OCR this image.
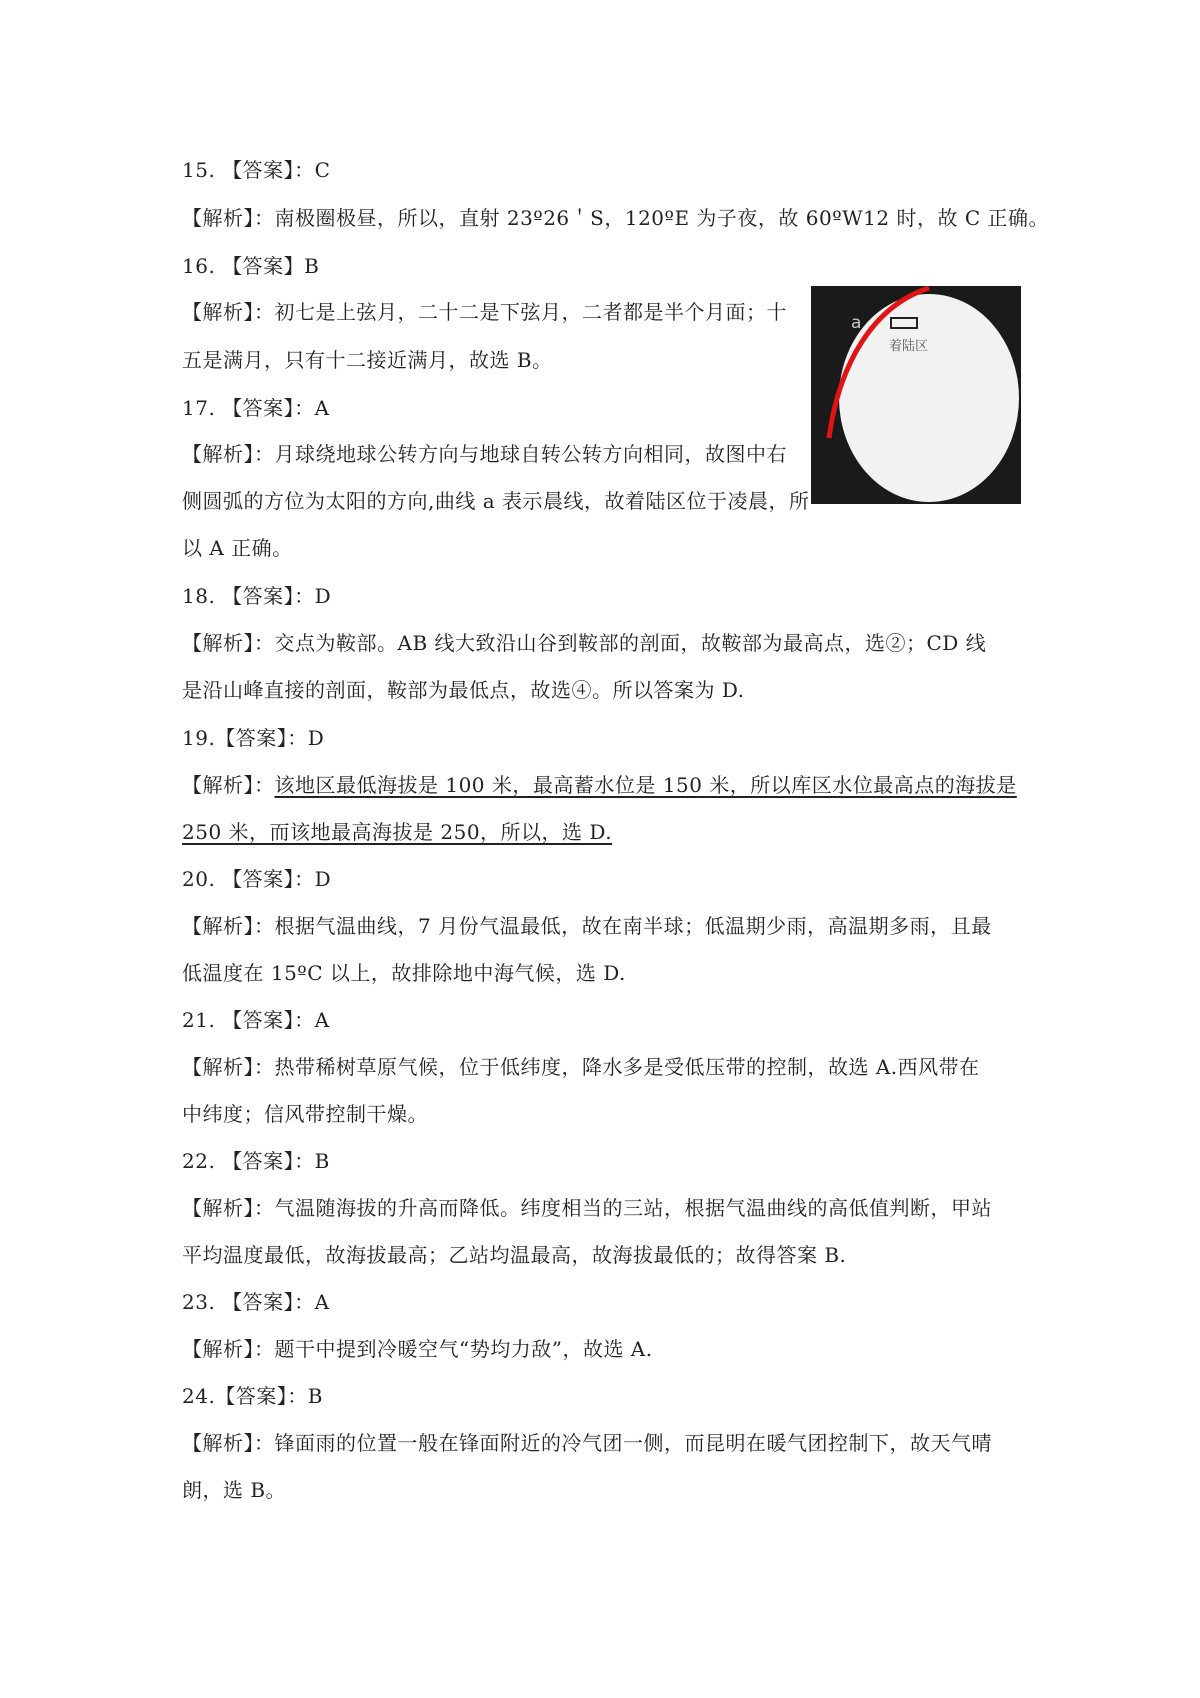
15. 【答案】：C
【解析】：南极圈极昼，所以，直射 23º26＇S，120ºE 为子夜，故 60ºW12 时，故 C 正确。
16. 【答案】B
【解析】：初七是上弦月，二十二是下弦月，二者都是半个月面；十
五是满月，只有十二接近满月，故选 B。
17. 【答案】：A
【解析】：月球绕地球公转方向与地球自转公转方向相同，故图中右
侧圆弧的方位为太阳的方向,曲线 a 表示晨线，故着陆区位于凌晨，所
以 A 正确。
a
着陆区
18. 【答案】：D
【解析】：交点为鞍部。AB 线大致沿山谷到鞍部的剖面，故鞍部为最高点，选②；CD 线
是沿山峰直接的剖面，鞍部为最低点，故选④。所以答案为 D.
19.【答案】：D
【解析】：该地区最低海拔是 100 米，最高蓄水位是 150 米，所以库区水位最高点的海拔是
250 米，而该地最高海拔是 250，所以，选 D.
20. 【答案】：D
【解析】：根据气温曲线，7 月份气温最低，故在南半球；低温期少雨，高温期多雨，且最
低温度在 15ºC 以上，故排除地中海气候，选 D.
21. 【答案】：A
【解析】：热带稀树草原气候，位于低纬度，降水多是受低压带的控制，故选 A.西风带在
中纬度；信风带控制干燥。
22. 【答案】：B
【解析】：气温随海拔的升高而降低。纬度相当的三站，根据气温曲线的高低值判断，甲站
平均温度最低，故海拔最高；乙站均温最高，故海拔最低的；故得答案 B.
23. 【答案】：A
【解析】：题干中提到冷暖空气“势均力敌”，故选 A.
24.【答案】：B
【解析】：锋面雨的位置一般在锋面附近的冷气团一侧，而昆明在暖气团控制下，故天气晴
朗，选 B。
